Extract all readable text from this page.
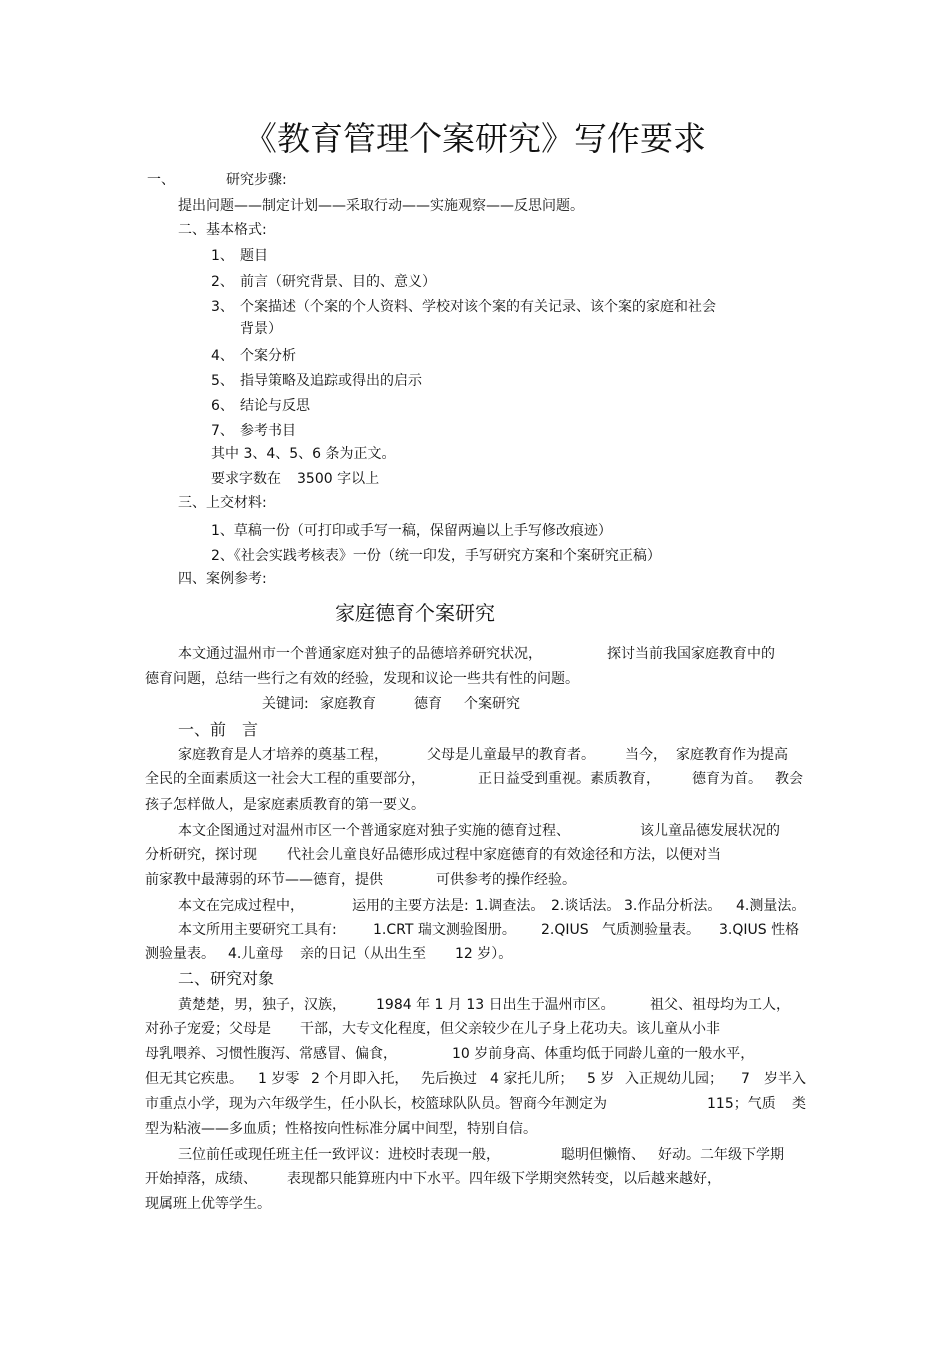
《教育管理个案研究》写作要求
一、	研究步骤:
提出问题——制定计划——采取行动——实施观察——反思问题。
二、基本格式:
1、 题目
2、 前言（研究背景、目的、意义）
3、 个案描述（个案的个人资料、学校对该个案的有关记录、该个案的家庭和社会
背景）
4、 个案分析
5、 指导策略及追踪或得出的启示
6、 结论与反思
7、 参考书目
其中 3、4、5、6 条为正文。
要求字数在 3500 字以上
三、上交材料:
1、草稿一份（可打印或手写一稿，保留两遍以上手写修改痕迹）
2、《社会实践考核表》一份（统一印发，手写研究方案和个案研究正稿）
四、案例参考:
家庭德育个案研究
本文通过温州市一个普通家庭对独子的品德培养研究状况，	探讨当前我国家庭教育中的
德育问题，总结一些行之有效的经验，发现和议论一些共有性的问题。
关键词: 家庭教育	德育 个案研究
一、前　言
家庭教育是人才培养的奠基工程，	父母是儿童最早的教育者。 当今， 家庭教育作为提高
全民的全面素质这一社会大工程的重要部分，	正日益受到重视。素质教育， 德育为首。 教会
孩子怎样做人，是家庭素质教育的第一要义。
本文企图通过对温州市区一个普通家庭对独子实施的德育过程、	该儿童品德发展状况的
分析研究，探讨现 代社会儿童良好品德形成过程中家庭德育的有效途径和方法，以便对当
前家教中最薄弱的环节——德育，提供	可供参考的操作经验。
本文在完成过程中，	运用的主要方法是: 1.调查法。 2.谈话法。 3.作品分析法。 4.测量法。
本文所用主要研究工具有:	1.CRT 瑞文测验图册。 2.QIUS 气质测验量表。 3.QIUS 性格
测验量表。 4.儿童母 亲的日记（从出生至 12 岁）。
二、研究对象
黄楚楚，男，独子，汉族， 1984 年 1 月 13 日出生于温州市区。	祖父、祖母均为工人，
对孙子宠爱；父母是 干部，大专文化程度，但父亲较少在儿子身上花功夫。该儿童从小非
母乳喂养、习惯性腹泻、常感冒、偏食，	10 岁前身高、体重均低于同龄儿童的一般水平，
但无其它疾患。 1 岁零 2 个月即入托， 先后换过 4 家托儿所； 5 岁 入正规幼儿园； 7 岁半入
市重点小学，现为六年级学生，任小队长，校篮球队队员。智商今年测定为	115；气质 类
型为粘液——多血质；性格按向性标准分属中间型，特别自信。
三位前任或现任班主任一致评议：进校时表现一般，	聪明但懒惰、 好动。二年级下学期
开始掉落，成绩、 表现都只能算班内中下水平。四年级下学期突然转变，以后越来越好，
现属班上优等学生。
